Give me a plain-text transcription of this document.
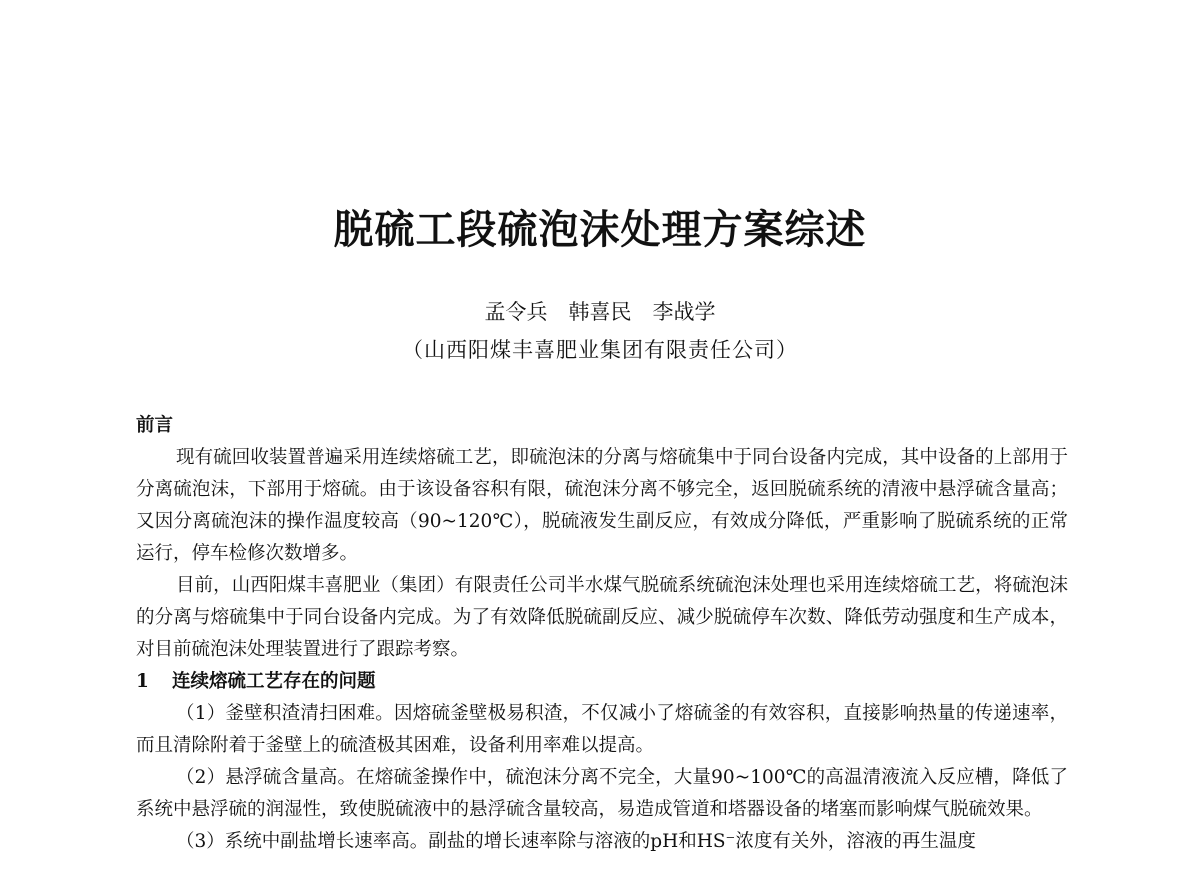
脱硫工段硫泡沫处理方案综述
孟令兵　韩喜民　李战学
（山西阳煤丰喜肥业集团有限责任公司）

前言

现有硫回收装置普遍采用连续熔硫工艺，即硫泡沫的分离与熔硫集中于同台设备内完成，其中设备的上部用于分离硫泡沫，下部用于熔硫。由于该设备容积有限，硫泡沫分离不够完全，返回脱硫系统的清液中悬浮硫含量高；又因分离硫泡沫的操作温度较高（90~120℃），脱硫液发生副反应，有效成分降低，严重影响了脱硫系统的正常运行，停车检修次数增多。

目前，山西阳煤丰喜肥业（集团）有限责任公司半水煤气脱硫系统硫泡沫处理也采用连续熔硫工艺，将硫泡沫的分离与熔硫集中于同台设备内完成。为了有效降低脱硫副反应、减少脱硫停车次数、降低劳动强度和生产成本，对目前硫泡沫处理装置进行了跟踪考察。

1 连续熔硫工艺存在的问题

（1）釜壁积渣清扫困难。因熔硫釜壁极易积渣，不仅减小了熔硫釜的有效容积，直接影响热量的传递速率，而且清除附着于釜壁上的硫渣极其困难，设备利用率难以提高。

（2）悬浮硫含量高。在熔硫釜操作中，硫泡沫分离不完全，大量90~100℃的高温清液流入反应槽，降低了系统中悬浮硫的润湿性，致使脱硫液中的悬浮硫含量较高，易造成管道和塔器设备的堵塞而影响煤气脱硫效果。

（3）系统中副盐增长速率高。副盐的增长速率除与溶液的pH和HS⁻浓度有关外，溶液的再生温度
